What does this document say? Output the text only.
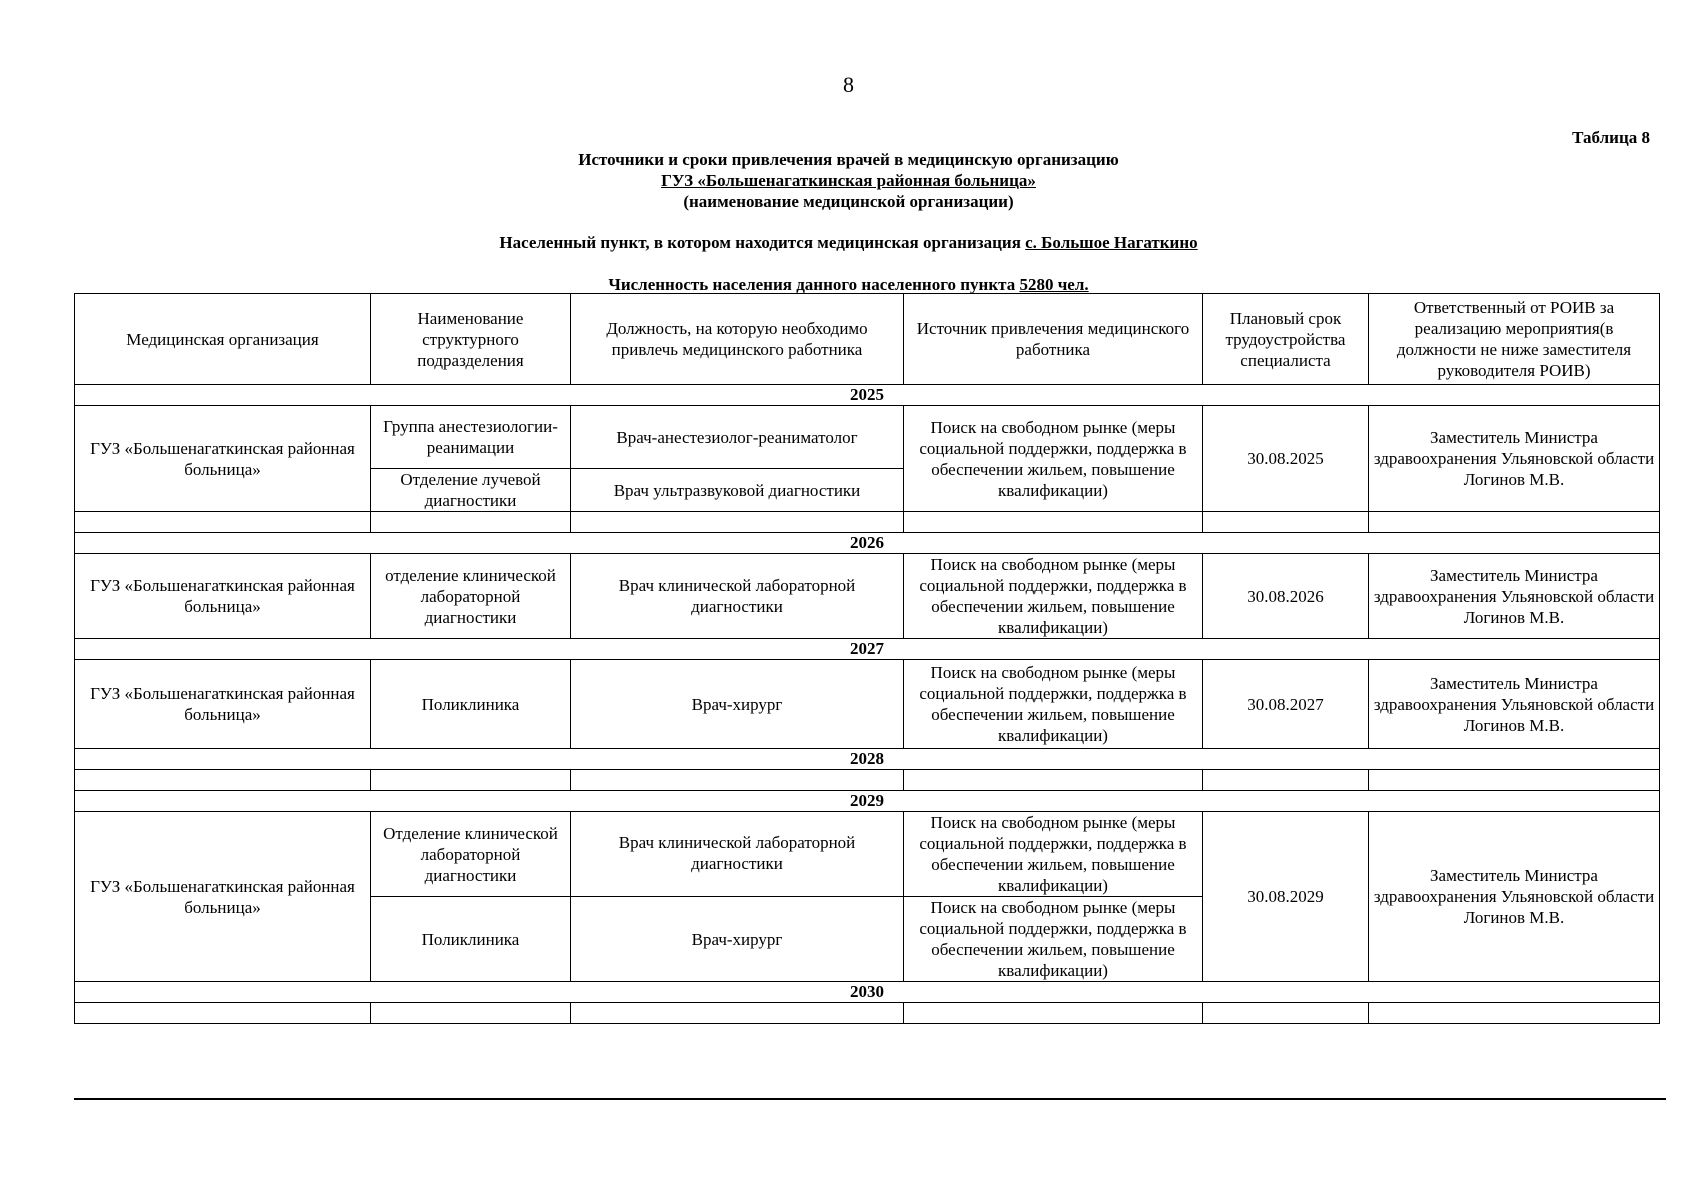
8
Таблица 8
Источники и сроки привлечения врачей в медицинскую организацию
ГУЗ «Большенагаткинская районная больница»
(наименование медицинской организации)
Населенный пункт, в котором находится медицинская организация с. Большое Нагаткино
Численность населения данного населенного пункта 5280 чел.
Медицинская организация	Наименование структурного подразделения	Должность, на которую необходимо привлечь медицинского работника	Источник привлечения медицинского работника	Плановый срок трудоустройства специалиста	Ответственный от РОИВ за реализацию мероприятия(в должности не ниже заместителя руководителя РОИВ)
2025					
ГУЗ «Большенагаткинская районная больница»	Группа анестезиологии-реанимации	Врач-анестезиолог-реаниматолог	Поиск на свободном рынке (меры социальной поддержки, поддержка в обеспечении жильем, повышение квалификации)	30.08.2025	Заместитель Министра здравоохранения Ульяновской области Логинов М.В.
	Отделение лучевой диагностики	Врач ультразвуковой диагностики			

2026					
ГУЗ «Большенагаткинская районная больница»	отделение клинической лабораторной диагностики	Врач клинической лабораторной диагностики	Поиск на свободном рынке (меры социальной поддержки, поддержка в обеспечении жильем, повышение квалификации)	30.08.2026	Заместитель Министра здравоохранения Ульяновской области Логинов М.В.
2027					
ГУЗ «Большенагаткинская районная больница»	Поликлиника	Врач-хирург	Поиск на свободном рынке (меры социальной поддержки, поддержка в обеспечении жильем, повышение квалификации)	30.08.2027	Заместитель Министра здравоохранения Ульяновской области Логинов М.В.
2028					

2029					
ГУЗ «Большенагаткинская районная больница»	Отделение клинической лабораторной диагностики	Врач клинической лабораторной диагностики	Поиск на свободном рынке (меры социальной поддержки, поддержка в обеспечении жильем, повышение квалификации)	30.08.2029	Заместитель Министра здравоохранения Ульяновской области Логинов М.В.
	Поликлиника	Врач-хирург	Поиск на свободном рынке (меры социальной поддержки, поддержка в обеспечении жильем, повышение квалификации)		
2030					
